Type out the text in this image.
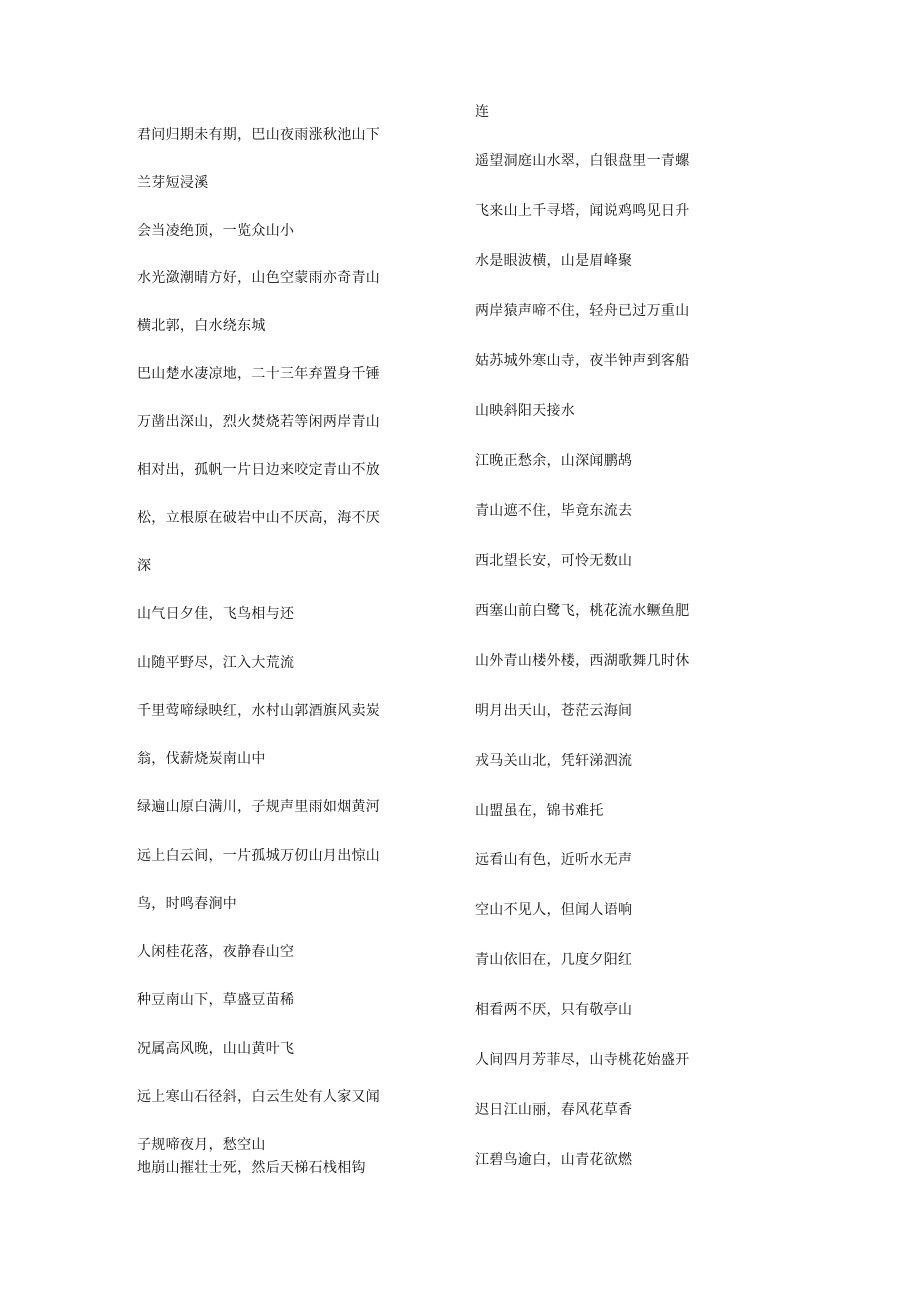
君问归期未有期，巴山夜雨涨秋池山下
兰芽短浸溪
会当凌绝顶，一览众山小
水光潋潮晴方好，山色空蒙雨亦奇青山
横北郭，白水绕东城
巴山楚水凄凉地，二十三年弃置身千锤
万凿出深山，烈火焚烧若等闲两岸青山
相对出，孤帆一片日边来咬定青山不放
松，立根原在破岩中山不厌高，海不厌
深
山气日夕佳，飞鸟相与还
山随平野尽，江入大荒流
千里莺啼绿映红，水村山郭酒旗风卖炭
翁，伐薪烧炭南山中
绿遍山原白满川，子规声里雨如烟黄河
远上白云间，一片孤城万仞山月出惊山
鸟，时鸣春涧中
人闲桂花落，夜静春山空
种豆南山下，草盛豆苗稀
况属高风晚，山山黄叶飞
远上寒山石径斜，白云生处有人家又闻
子规啼夜月，愁空山
地崩山摧壮士死，然后天梯石栈相钩
连
遥望洞庭山水翠，白银盘里一青螺
飞来山上千寻塔，闻说鸡鸣见日升
水是眼波横，山是眉峰聚
两岸猿声啼不住，轻舟已过万重山
姑苏城外寒山寺，夜半钟声到客船
山映斜阳天接水
江晚正愁余，山深闻鹏鸪
青山遮不住，毕竟东流去
西北望长安，可怜无数山
西塞山前白鹭飞，桃花流水鳜鱼肥
山外青山楼外楼，西湖歌舞几时休
明月出天山，苍茫云海间
戎马关山北，凭轩涕泗流
山盟虽在，锦书难托
远看山有色，近听水无声
空山不见人，但闻人语响
青山依旧在，几度夕阳红
相看两不厌，只有敬亭山
人间四月芳菲尽，山寺桃花始盛开
迟日江山丽，春风花草香
江碧鸟逾白，山青花欲燃
